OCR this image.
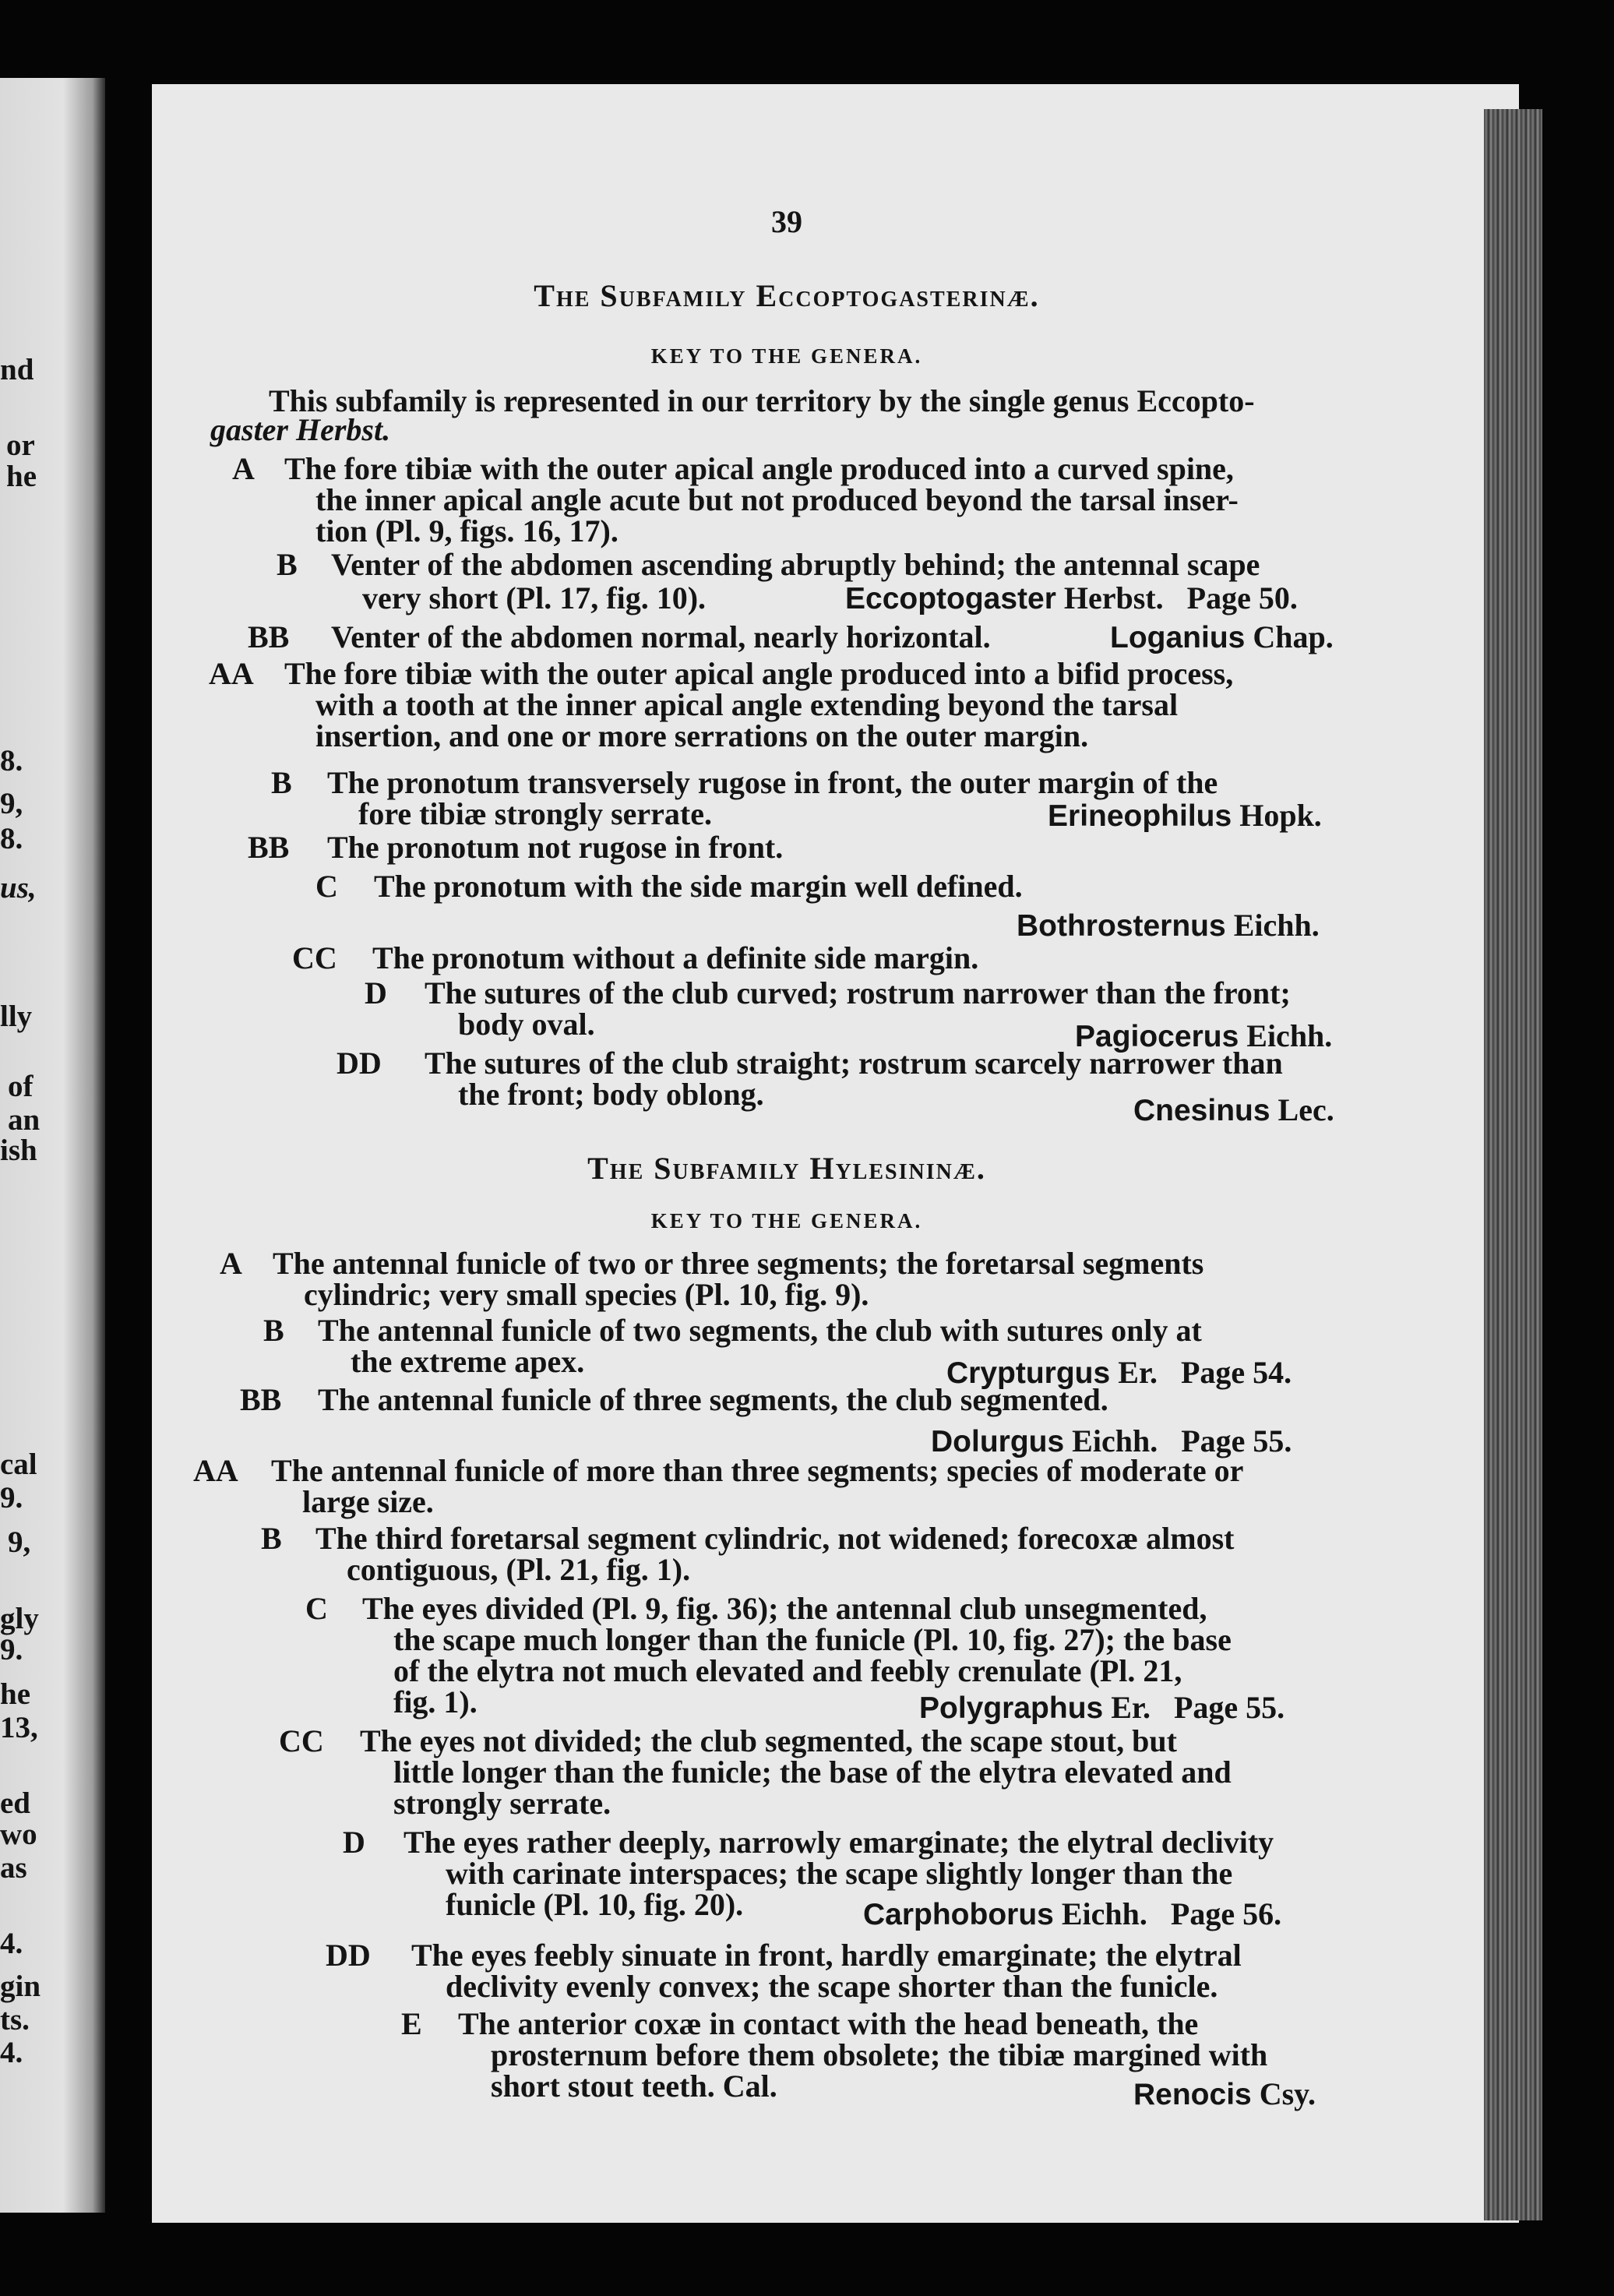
nd
or
he
8.
9,
8.
us,
lly
of
an
ish
cal
9.
9,
gly
9.
he
13,
ed
wo
as
4.
gin
ts.
4.
39
The Subfamily Eccoptogasterinæ.
KEY TO THE GENERA.
This subfamily is represented in our territory by the single genus Eccopto-
gaster Herbst.
A The fore tibiæ with the outer apical angle produced into a curved spine,
the inner apical angle acute but not produced beyond the tarsal inser-
tion (Pl. 9, figs. 16, 17).
B Venter of the abdomen ascending abruptly behind; the antennal scape
very short (Pl. 17, fig. 10).	Eccoptogaster Herbst. Page 50.
BB Venter of the abdomen normal, nearly horizontal.	Loganius Chap.
AA The fore tibiæ with the outer apical angle produced into a bifid process,
with a tooth at the inner apical angle extending beyond the tarsal
insertion, and one or more serrations on the outer margin.
B The pronotum transversely rugose in front, the outer margin of the
fore tibiæ strongly serrate.	Erineophilus Hopk.
BB The pronotum not rugose in front.
C The pronotum with the side margin well defined.
Bothrosternus Eichh.
CC The pronotum without a definite side margin.
D The sutures of the club curved; rostrum narrower than the front;
body oval.	Pagiocerus Eichh.
DD The sutures of the club straight; rostrum scarcely narrower than
the front; body oblong.	Cnesinus Lec.
The Subfamily Hylesininæ.
KEY TO THE GENERA.
A The antennal funicle of two or three segments; the foretarsal segments
cylindric; very small species (Pl. 10, fig. 9).
B The antennal funicle of two segments, the club with sutures only at
the extreme apex.	Crypturgus Er. Page 54.
BB The antennal funicle of three segments, the club segmented.
Dolurgus Eichh. Page 55.
AA The antennal funicle of more than three segments; species of moderate or
large size.
B The third foretarsal segment cylindric, not widened; forecoxæ almost
contiguous, (Pl. 21, fig. 1).
C The eyes divided (Pl. 9, fig. 36); the antennal club unsegmented,
the scape much longer than the funicle (Pl. 10, fig. 27); the base
of the elytra not much elevated and feebly crenulate (Pl. 21,
fig. 1).	Polygraphus Er. Page 55.
CC The eyes not divided; the club segmented, the scape stout, but
little longer than the funicle; the base of the elytra elevated and
strongly serrate.
D The eyes rather deeply, narrowly emarginate; the elytral declivity
with carinate interspaces; the scape slightly longer than the
funicle (Pl. 10, fig. 20).	Carphoborus Eichh. Page 56.
DD The eyes feebly sinuate in front, hardly emarginate; the elytral
declivity evenly convex; the scape shorter than the funicle.
E The anterior coxæ in contact with the head beneath, the
prosternum before them obsolete; the tibiæ margined with
short stout teeth. Cal.	Renocis Csy.
